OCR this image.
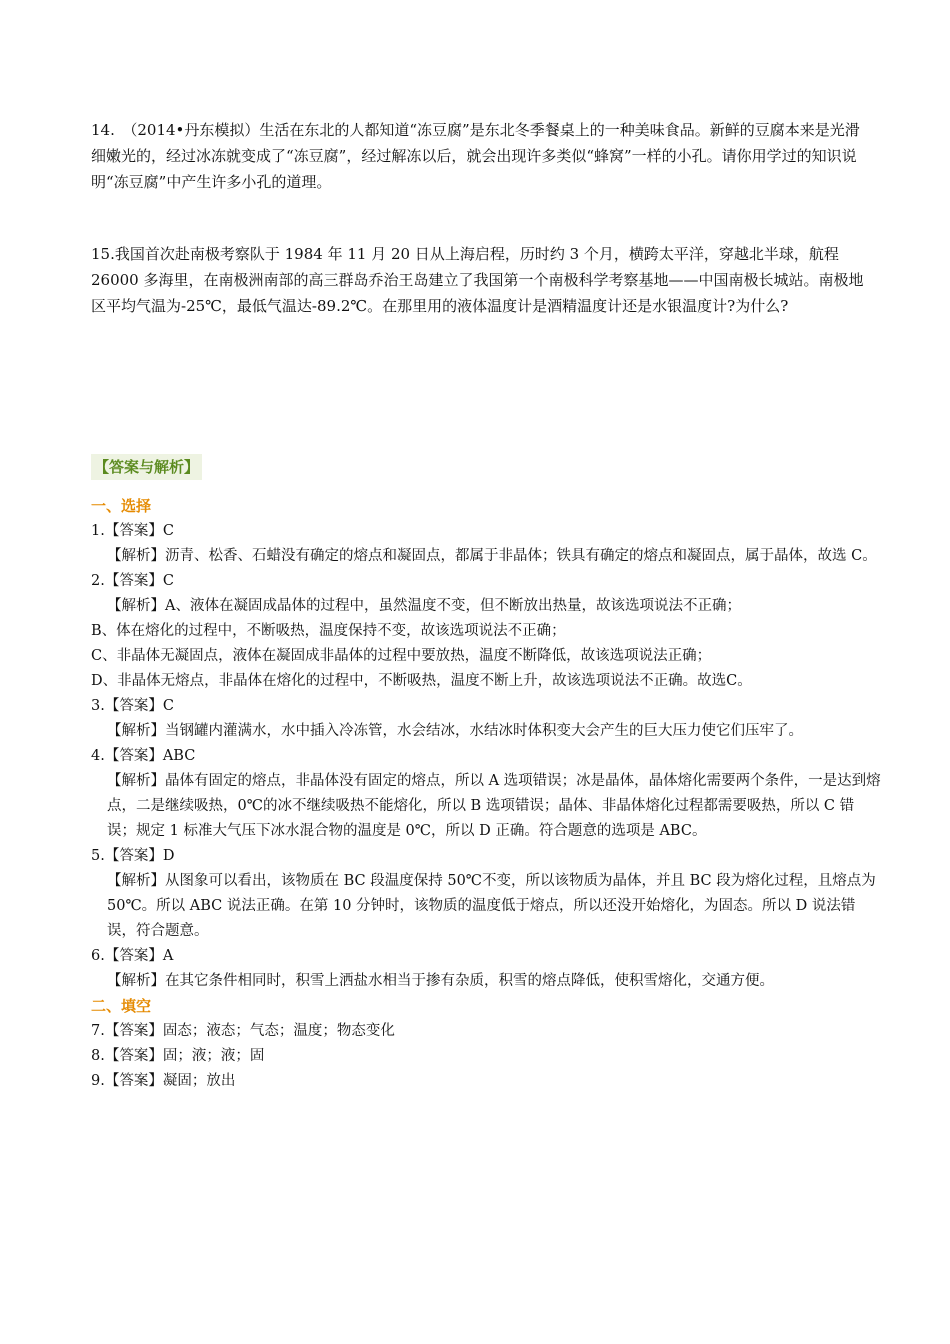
14.　（2014•丹东模拟）生活在东北的人都知道“冻豆腐”是东北冬季餐桌上的一种美味食品。新鲜的豆腐本来是光滑细嫩光的，经过冰冻就变成了“冻豆腐”，经过解冻以后，就会出现许多类似“蜂窝”一样的小孔。请你用学过的知识说明“冻豆腐”中产生许多小孔的道理。

15.我国首次赴南极考察队于 1984 年 11 月 20 日从上海启程，历时约 3 个月，横跨太平洋，穿越北半球，航程 26000 多海里，在南极洲南部的高三群岛乔治王岛建立了我国第一个南极科学考察基地——中国南极长城站。南极地区平均气温为-25℃，最低气温达-89.2℃。在那里用的液体温度计是酒精温度计还是水银温度计?为什么?

【答案与解析】

一、选择

1.【答案】C

【解析】沥青、松香、石蜡没有确定的熔点和凝固点，都属于非晶体；铁具有确定的熔点和凝固点，属于晶体，故选 C。

2.【答案】C

【解析】A、液体在凝固成晶体的过程中，虽然温度不变，但不断放出热量，故该选项说法不正确；

B、体在熔化的过程中，不断吸热，温度保持不变，故该选项说法不正确；

C、非晶体无凝固点，液体在凝固成非晶体的过程中要放热，温度不断降低，故该选项说法正确；

D、非晶体无熔点，非晶体在熔化的过程中，不断吸热，温度不断上升，故该选项说法不正确。故选C。

3.【答案】C

【解析】当钢罐内灌满水，水中插入冷冻管，水会结冰，水结冰时体积变大会产生的巨大压力使它们压牢了。

4.【答案】ABC

【解析】晶体有固定的熔点，非晶体没有固定的熔点，所以 A 选项错误；冰是晶体，晶体熔化需要两个条件，一是达到熔点，二是继续吸热，0℃的冰不继续吸热不能熔化，所以 B 选项错误；晶体、非晶体熔化过程都需要吸热，所以 C 错误；规定 1 标准大气压下冰水混合物的温度是 0℃，所以 D 正确。符合题意的选项是 ABC。

5.【答案】D

【解析】从图象可以看出，该物质在 BC 段温度保持 50℃不变，所以该物质为晶体，并且 BC 段为熔化过程，且熔点为 50℃。所以 ABC 说法正确。在第 10 分钟时，该物质的温度低于熔点，所以还没开始熔化，为固态。所以 D 说法错误，符合题意。

6.【答案】A

【解析】在其它条件相同时，积雪上洒盐水相当于掺有杂质，积雪的熔点降低，使积雪熔化，交通方便。

二、填空

7.【答案】固态；液态；气态；温度；物态变化

8.【答案】固；液；液；固

9.【答案】凝固；放出
